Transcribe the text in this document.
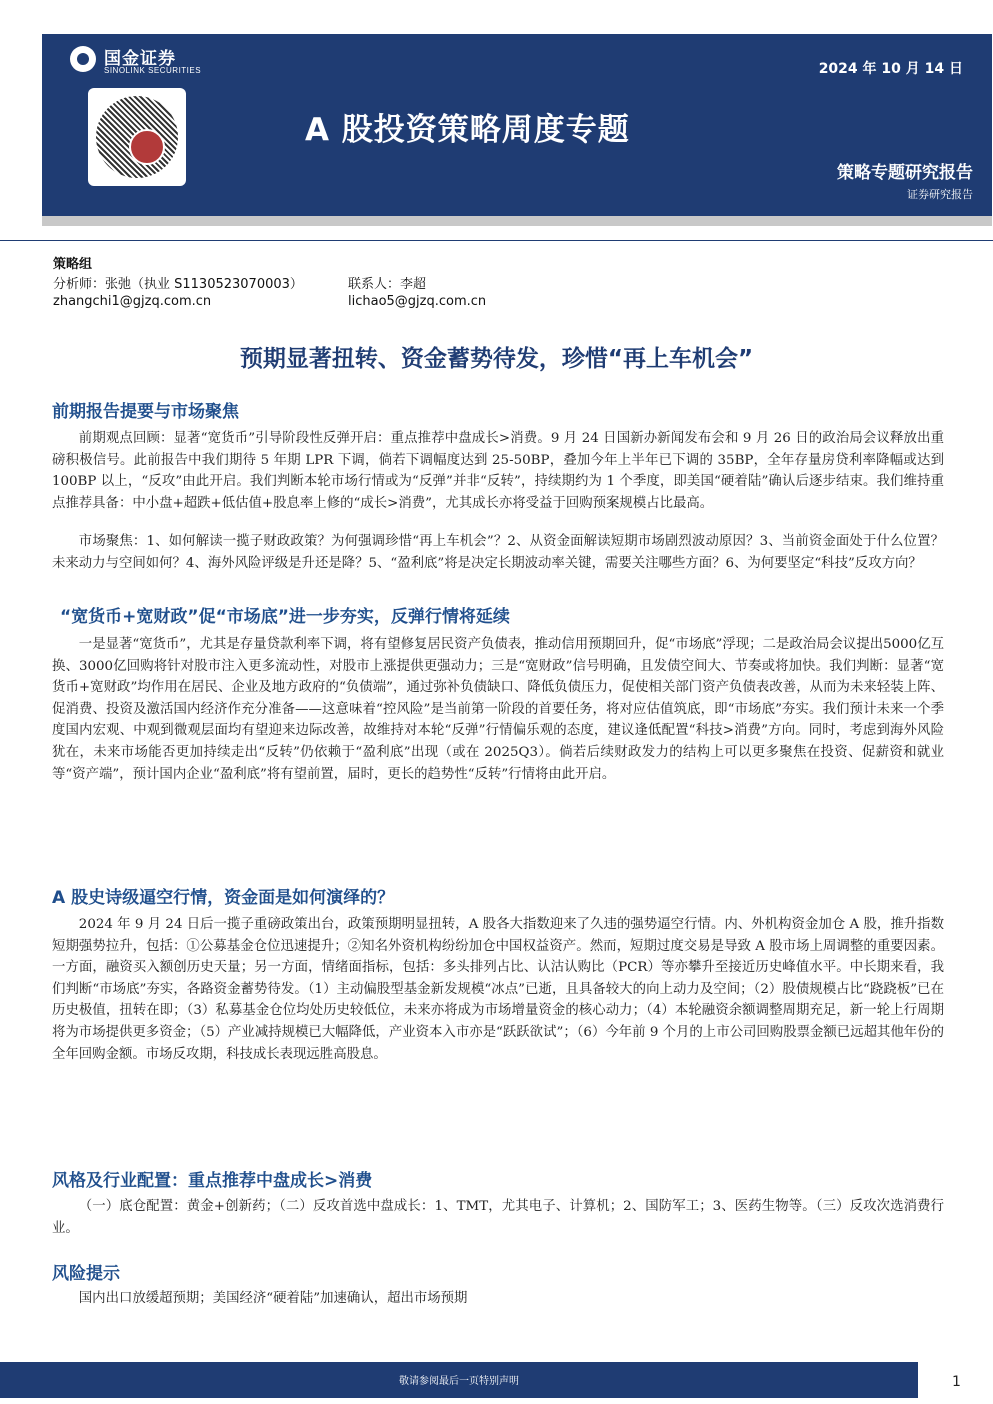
国金证券
SINOLINK SECURITIES	2024 年 10 月 14 日
A 股投资策略周度专题
策略专题研究报告
证券研究报告
策略组
分析师：张弛（执业 S1130523070003）	联系人：李超
zhangchi1@gjzq.com.cn	lichao5@gjzq.com.cn
预期显著扭转、资金蓄势待发，珍惜“再上车机会”
前期报告提要与市场聚焦
前期观点回顾：显著“宽货币”引导阶段性反弹开启：重点推荐中盘成长>消费。9 月 24 日国新办新闻发布会和 9 月 26 日的政治局会议释放出重磅积极信号。此前报告中我们期待 5 年期 LPR 下调，倘若下调幅度达到 25-50BP，叠加今年上半年已下调的 35BP，全年存量房贷利率降幅或达到 100BP 以上，“反攻”由此开启。我们判断本轮市场行情或为“反弹”并非“反转”，持续期约为 1 个季度，即美国“硬着陆”确认后逐步结束。我们维持重点推荐具备：中小盘+超跌+低估值+股息率上修的“成长>消费”，尤其成长亦将受益于回购预案规模占比最高。
市场聚焦：1、如何解读一揽子财政政策？为何强调珍惜“再上车机会”？2、从资金面解读短期市场剧烈波动原因？3、当前资金面处于什么位置？未来动力与空间如何？4、海外风险评级是升还是降？5、“盈利底”将是决定长期波动率关键，需要关注哪些方面？6、为何要坚定“科技”反攻方向？
“宽货币+宽财政”促“市场底”进一步夯实，反弹行情将延续
一是显著“宽货币”，尤其是存量贷款利率下调，将有望修复居民资产负债表，推动信用预期回升，促“市场底”浮现；二是政治局会议提出5000亿互换、3000亿回购将针对股市注入更多流动性，对股市上涨提供更强动力；三是“宽财政”信号明确，且发债空间大、节奏或将加快。我们判断：显著“宽货币+宽财政”均作用在居民、企业及地方政府的“负债端”，通过弥补负债缺口、降低负债压力，促使相关部门资产负债表改善，从而为未来轻装上阵、促消费、投资及激活国内经济作充分准备——这意味着“控风险”是当前第一阶段的首要任务，将对应估值筑底，即“市场底”夯实。我们预计未来一个季度国内宏观、中观到微观层面均有望迎来边际改善，故维持对本轮“反弹”行情偏乐观的态度，建议逢低配置“科技>消费”方向。同时，考虑到海外风险犹在，未来市场能否更加持续走出“反转”仍依赖于“盈利底”出现（或在 2025Q3）。倘若后续财政发力的结构上可以更多聚焦在投资、促薪资和就业等“资产端”，预计国内企业“盈利底”将有望前置，届时，更长的趋势性“反转”行情将由此开启。
A 股史诗级逼空行情，资金面是如何演绎的？
2024 年 9 月 24 日后一揽子重磅政策出台，政策预期明显扭转，A 股各大指数迎来了久违的强势逼空行情。内、外机构资金加仓 A 股，推升指数短期强势拉升，包括：①公募基金仓位迅速提升；②知名外资机构纷纷加仓中国权益资产。然而，短期过度交易是导致 A 股市场上周调整的重要因素。一方面，融资买入额创历史天量；另一方面，情绪面指标，包括：多头排列占比、认沽认购比（PCR）等亦攀升至接近历史峰值水平。中长期来看，我们判断“市场底”夯实，各路资金蓄势待发。（1）主动偏股型基金新发规模“冰点”已逝，且具备较大的向上动力及空间；（2）股债规模占比“跷跷板”已在历史极值，扭转在即；（3）私募基金仓位均处历史较低位，未来亦将成为市场增量资金的核心动力；（4）本轮融资余额调整周期充足，新一轮上行周期将为市场提供更多资金；（5）产业减持规模已大幅降低，产业资本入市亦是“跃跃欲试”；（6）今年前 9 个月的上市公司回购股票金额已远超其他年份的全年回购金额。市场反攻期，科技成长表现远胜高股息。
风格及行业配置：重点推荐中盘成长>消费
（一）底仓配置：黄金+创新药；（二）反攻首选中盘成长：1、TMT，尤其电子、计算机；2、国防军工；3、医药生物等。（三）反攻次选消费行业。
风险提示
国内出口放缓超预期；美国经济“硬着陆”加速确认，超出市场预期
敬请参阅最后一页特别声明	1
